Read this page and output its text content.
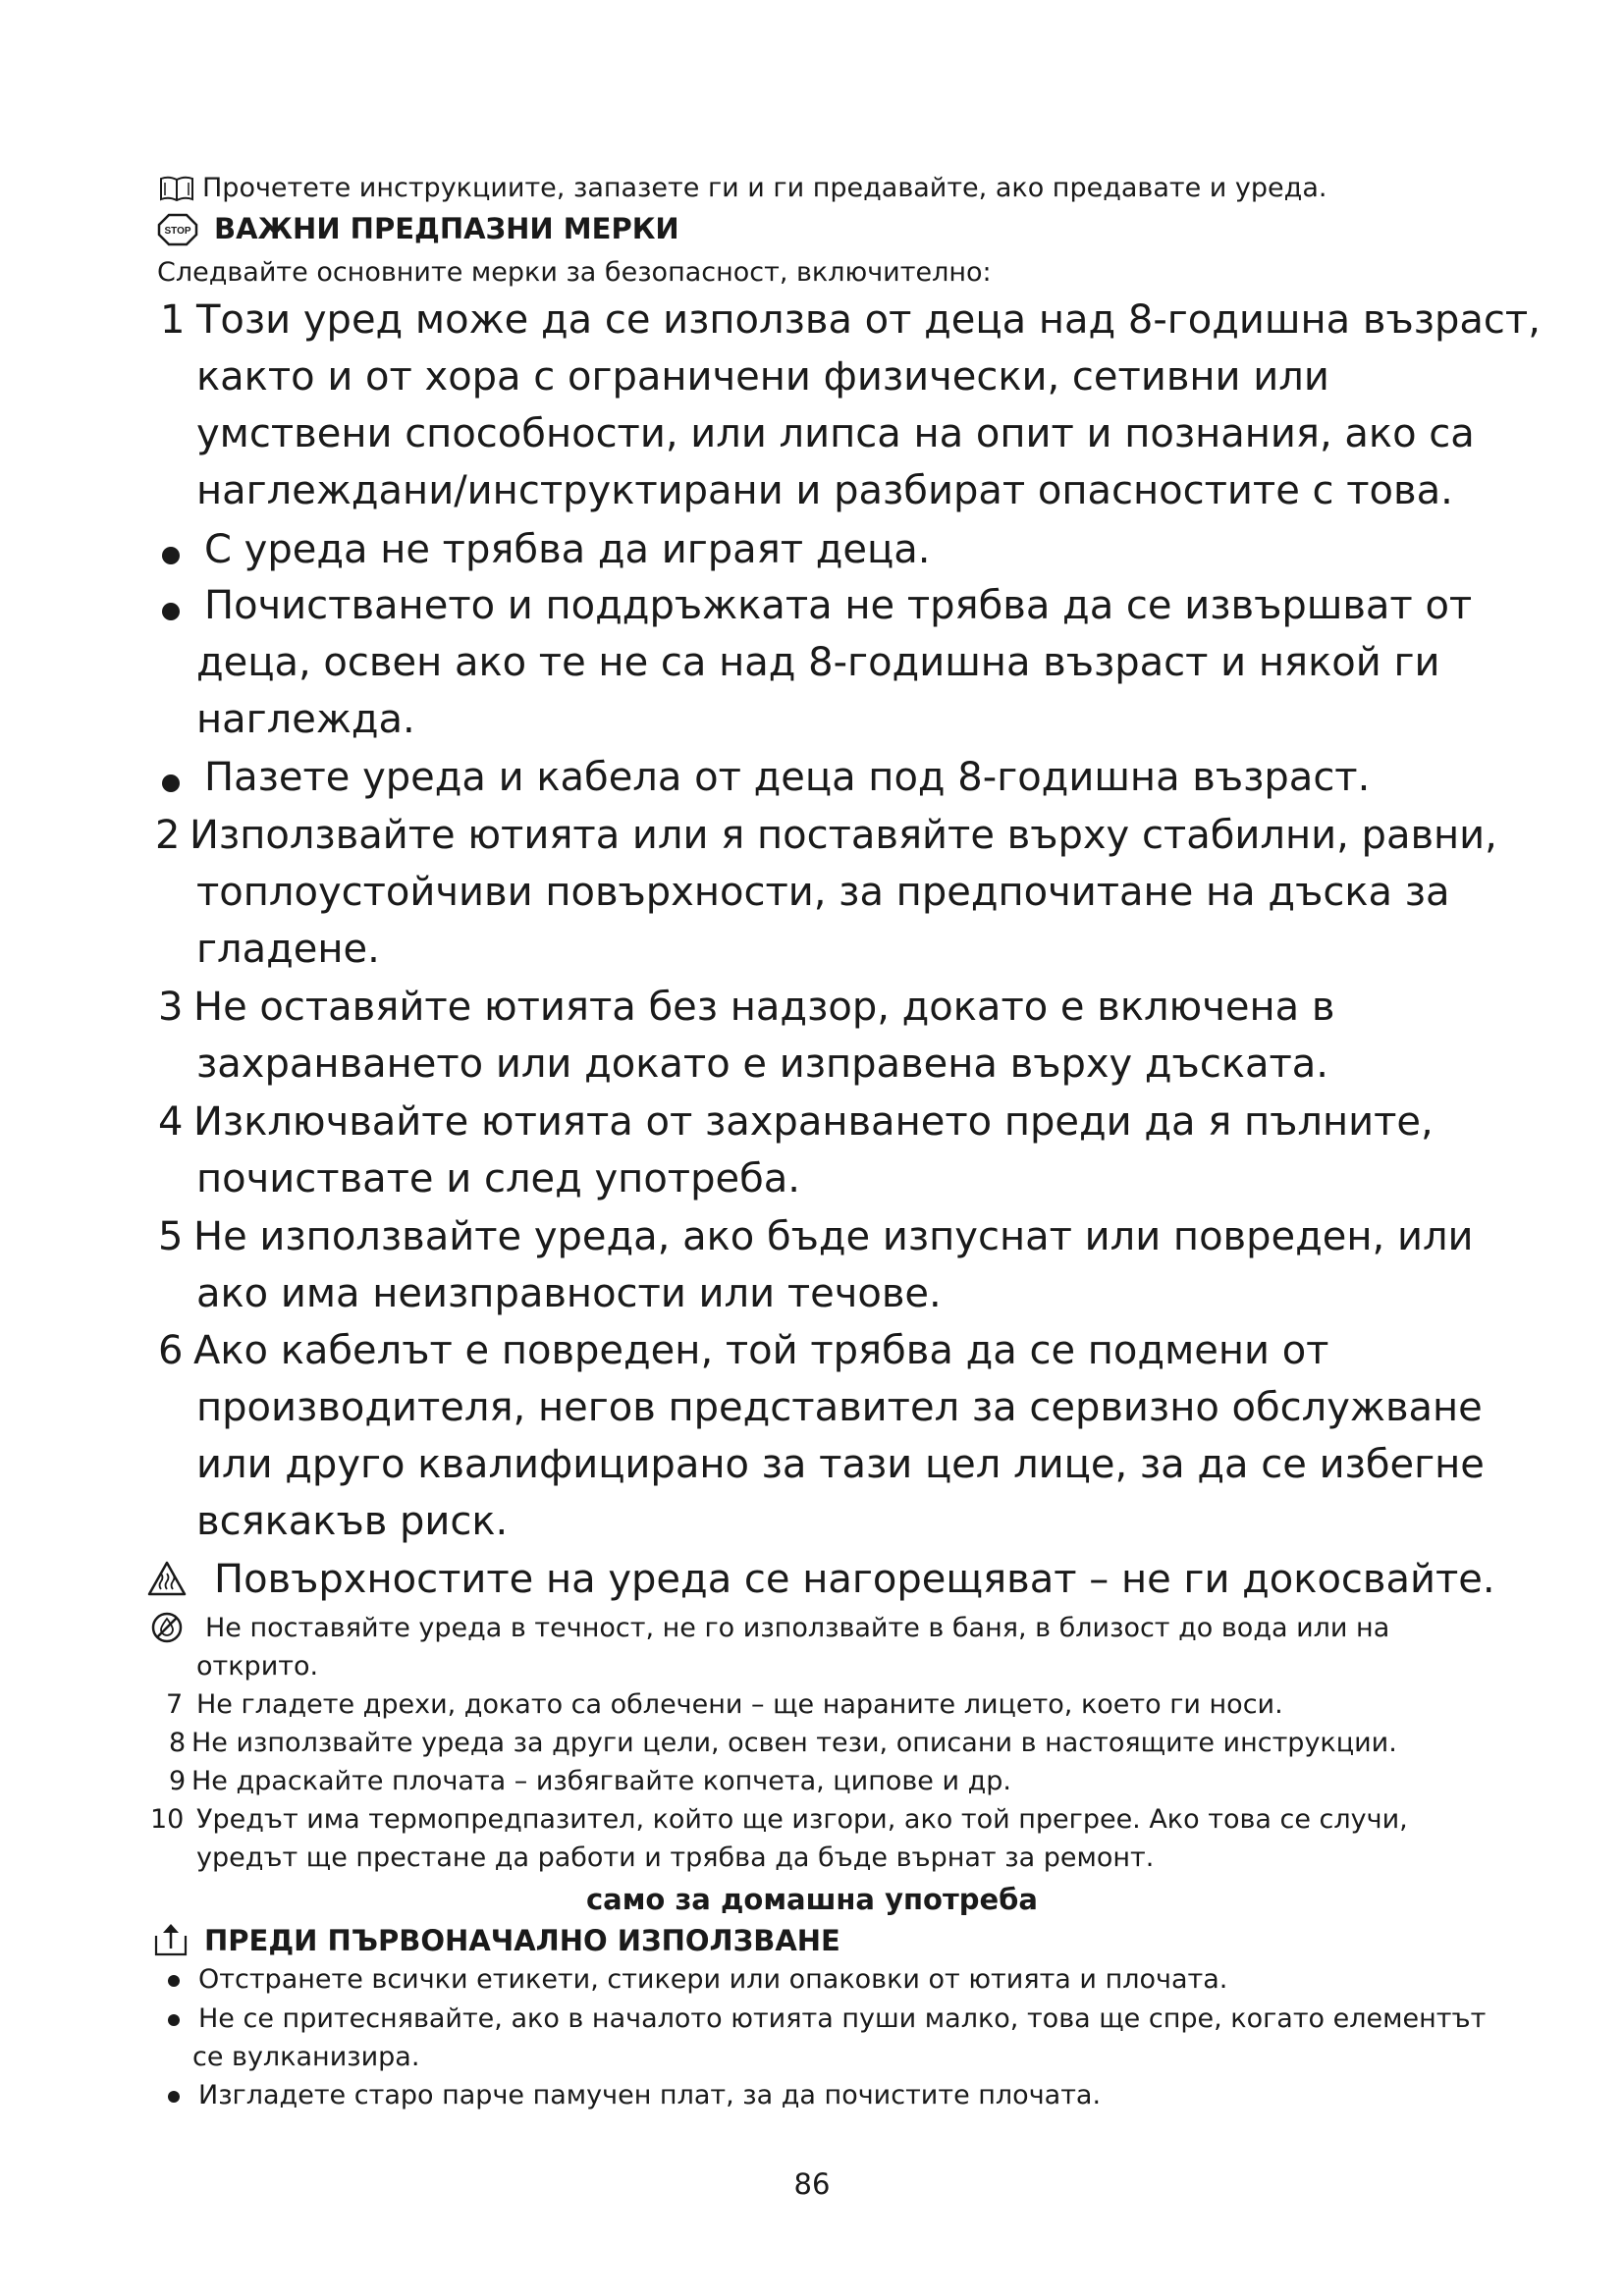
Прочетете инструкциите, запазете ги и ги предавайте, ако предавате и уреда.
STOP ВАЖНИ ПРЕДПАЗНИ МЕРКИ
Следвайте основните мерки за безопасност, включително:
1 Този уред може да се използва от деца над 8-годишна възраст,
както и от хора с ограничени физически, сетивни или
умствени способности, или липса на опит и познания, ако са
наглеждани/инструктирани и разбират опасностите с това.
С уреда не трябва да играят деца.
Почистването и поддръжката не трябва да се извършват от
деца, освен ако те не са над 8-годишна възраст и някой ги
наглежда.
Пазете уреда и кабела от деца под 8-годишна възраст.
2 Използвайте ютията или я поставяйте върху стабилни, равни,
топлоустойчиви повърхности, за предпочитане на дъска за
гладене.
3 Не оставяйте ютията без надзор, докато е включена в
захранването или докато е изправена върху дъската.
4 Изключвайте ютията от захранването преди да я пълните,
почиствате и след употреба.
5 Не използвайте уреда, ако бъде изпуснат или повреден, или
ако има неизправности или течове.
6 Ако кабелът е повреден, той трябва да се подмени от
производителя, негов представител за сервизно обслужване
или друго квалифицирано за тази цел лице, за да се избегне
всякакъв риск.
Повърхностите на уреда се нагорещяват – не ги докосвайте.
Не поставяйте уреда в течност, не го използвайте в баня, в близост до вода или на
открито.
7 Не гладете дрехи, докато са облечени – ще нараните лицето, което ги носи.
8 Не използвайте уреда за други цели, освен тези, описани в настоящите инструкции.
9 Не драскайте плочата – избягвайте копчета, ципове и др.
10 Уредът има термопредпазител, който ще изгори, ако той прегрее. Ако това се случи,
уредът ще престане да работи и трябва да бъде върнат за ремонт.
само за домашна употреба
ПРЕДИ ПЪРВОНАЧАЛНО ИЗПОЛЗВАНЕ
Отстранете всички етикети, стикери или опаковки от ютията и плочата.
Не се притеснявайте, ако в началото ютията пуши малко, това ще спре, когато елементът
се вулканизира.
Изгладете старо парче памучен плат, за да почистите плочата.
86
